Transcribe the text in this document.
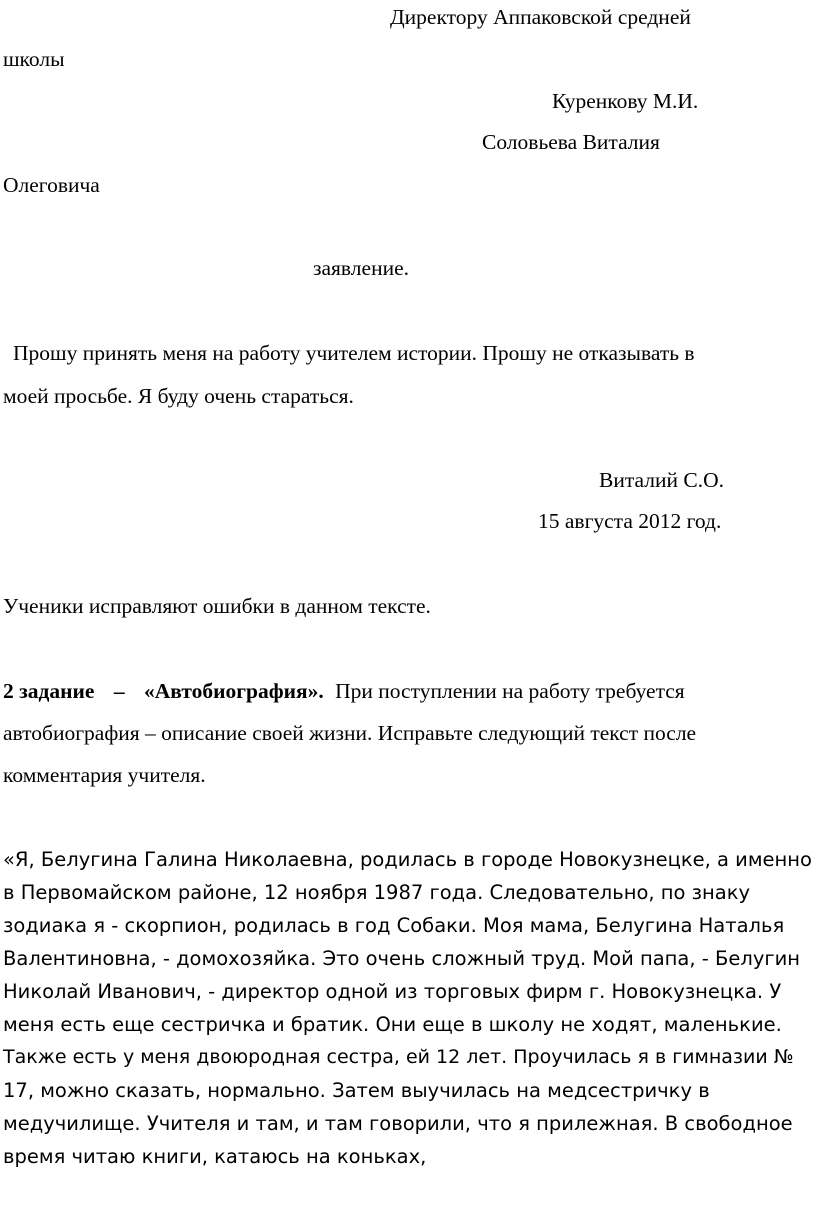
Директору Аппаковской средней
школы
Куренкову М.И.
Соловьева Виталия
Олеговича
заявление.
Прошу принять меня на работу учителем истории. Прошу не отказывать в
моей просьбе. Я буду очень стараться.
Виталий С.О.
15 августа 2012 год.
Ученики исправляют ошибки в данном тексте.
2 задание – «Автобиография». При поступлении на работу требуется
автобиография – описание своей жизни. Исправьте следующий текст после
комментария учителя.
«Я, Белугина Галина Николаевна, родилась в городе Новокузнецке, а именно
в Первомайском районе, 12 ноября 1987 года. Следовательно, по знаку
зодиака я - скорпион, родилась в год Собаки. Моя мама, Белугина Наталья
Валентиновна, - домохозяйка. Это очень сложный труд. Мой папа, - Белугин
Николай Иванович, - директор одной из торговых фирм г. Новокузнецка. У
меня есть еще сестричка и братик. Они еще в школу не ходят, маленькие.
Также есть у меня двоюродная сестра, ей 12 лет. Проучилась я в гимназии №
17, можно сказать, нормально. Затем выучилась на медсестричку в
медучилище. Учителя и там, и там говорили, что я прилежная. В свободное
время читаю книги, катаюсь на коньках,
